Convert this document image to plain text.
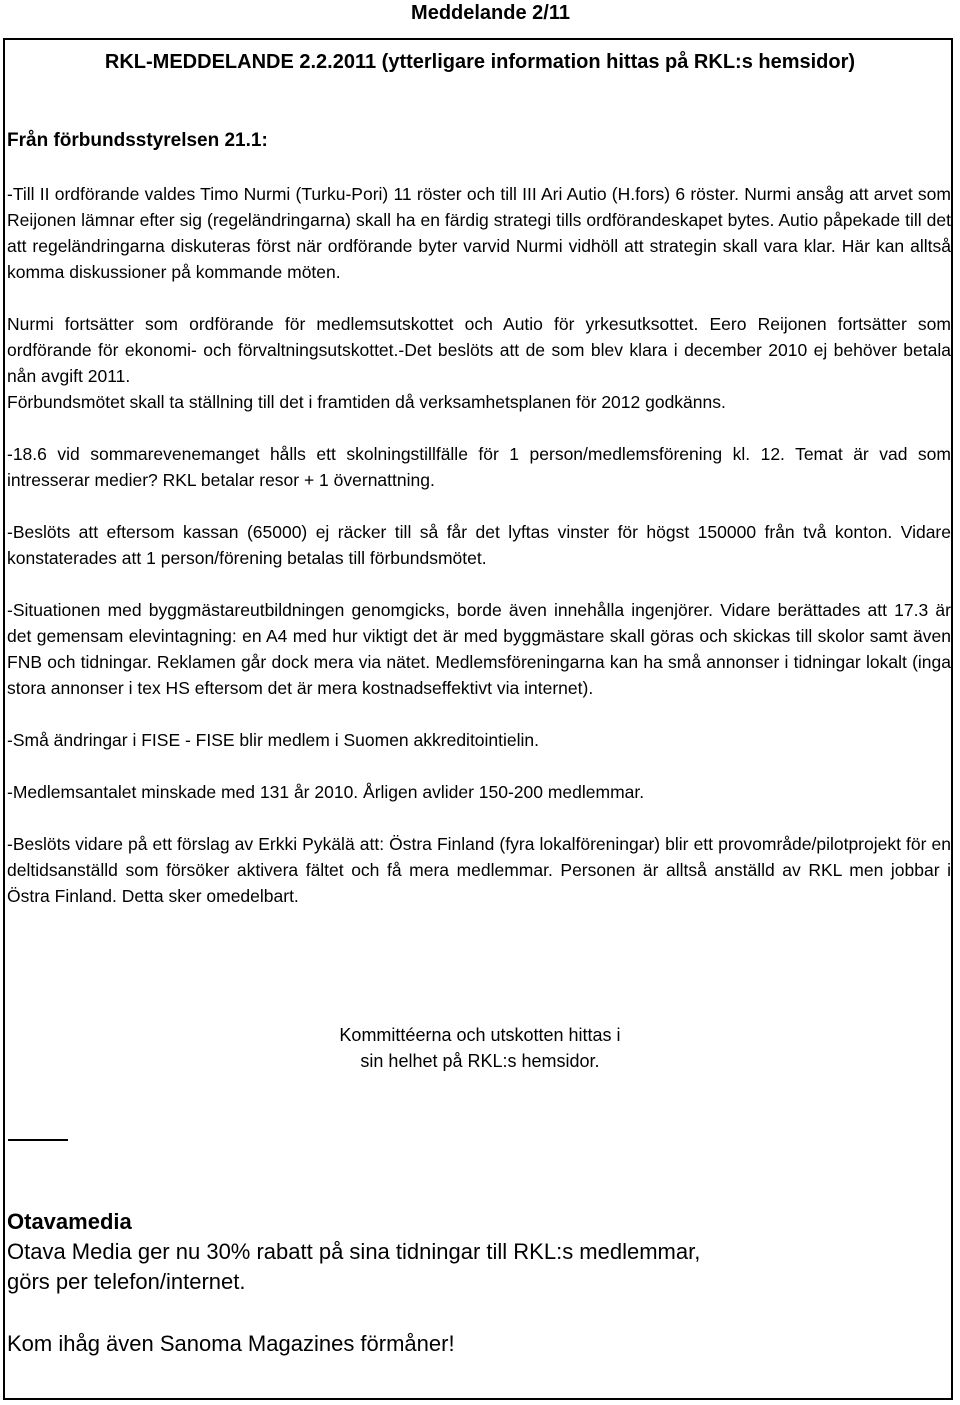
Meddelande 2/11
RKL-MEDDELANDE 2.2.2011 (ytterligare information hittas på RKL:s hemsidor)
Från förbundsstyrelsen 21.1:

-Till II ordförande valdes Timo Nurmi (Turku-Pori) 11 röster och till III Ari Autio (H.fors) 6 röster. Nurmi ansåg att arvet som Reijonen lämnar efter sig (regeländringarna) skall ha en färdig strategi tills ordförandeskapet bytes. Autio påpekade till det att regeländringarna diskuteras först när ordförande byter varvid Nurmi vidhöll att strategin skall vara klar. Här kan alltså komma diskussioner på kommande möten.

Nurmi fortsätter som ordförande för medlemsutskottet och Autio för yrkesutksottet. Eero Reijonen fortsätter som ordförande för ekonomi- och förvaltningsutskottet.-Det beslöts att de som blev klara i december 2010 ej behöver betala nån avgift 2011.

Förbundsmötet skall ta ställning till det i framtiden då verksamhetsplanen för 2012 godkänns.

-18.6 vid sommarevenemanget hålls ett skolningstillfälle för 1 person/medlemsförening kl. 12. Temat är vad som intresserar medier? RKL betalar resor + 1 övernattning.

-Beslöts att eftersom kassan (65000) ej räcker till så får det lyftas vinster för högst 150000 från två konton. Vidare konstaterades att 1 person/förening betalas till förbundsmötet.

-Situationen med byggmästareutbildningen genomgicks, borde även innehålla ingenjörer. Vidare berättades att 17.3 är det gemensam elevintagning: en A4 med hur viktigt det är med byggmästare skall göras och skickas till skolor samt även FNB och tidningar. Reklamen går dock mera via nätet. Medlemsföreningarna kan ha små annonser i tidningar lokalt (inga stora annonser i tex HS eftersom det är mera kostnadseffektivt via internet).

-Små ändringar i FISE - FISE blir medlem i Suomen akkreditointielin.

-Medlemsantalet minskade med 131 år 2010. Årligen avlider 150-200 medlemmar.

-Beslöts vidare på ett förslag av Erkki Pykälä att: Östra Finland (fyra lokalföreningar) blir ett provområde/pilotprojekt för en deltidsanställd som försöker aktivera fältet och få mera medlemmar. Personen är alltså anställd av RKL men jobbar i Östra Finland. Detta sker omedelbart.

Kommittéerna och utskotten hittas i
sin helhet på RKL:s hemsidor.
Otavamedia
Otava Media ger nu 30% rabatt på sina tidningar till RKL:s medlemmar,
görs per telefon/internet.
Kom ihåg även Sanoma Magazines förmåner!
